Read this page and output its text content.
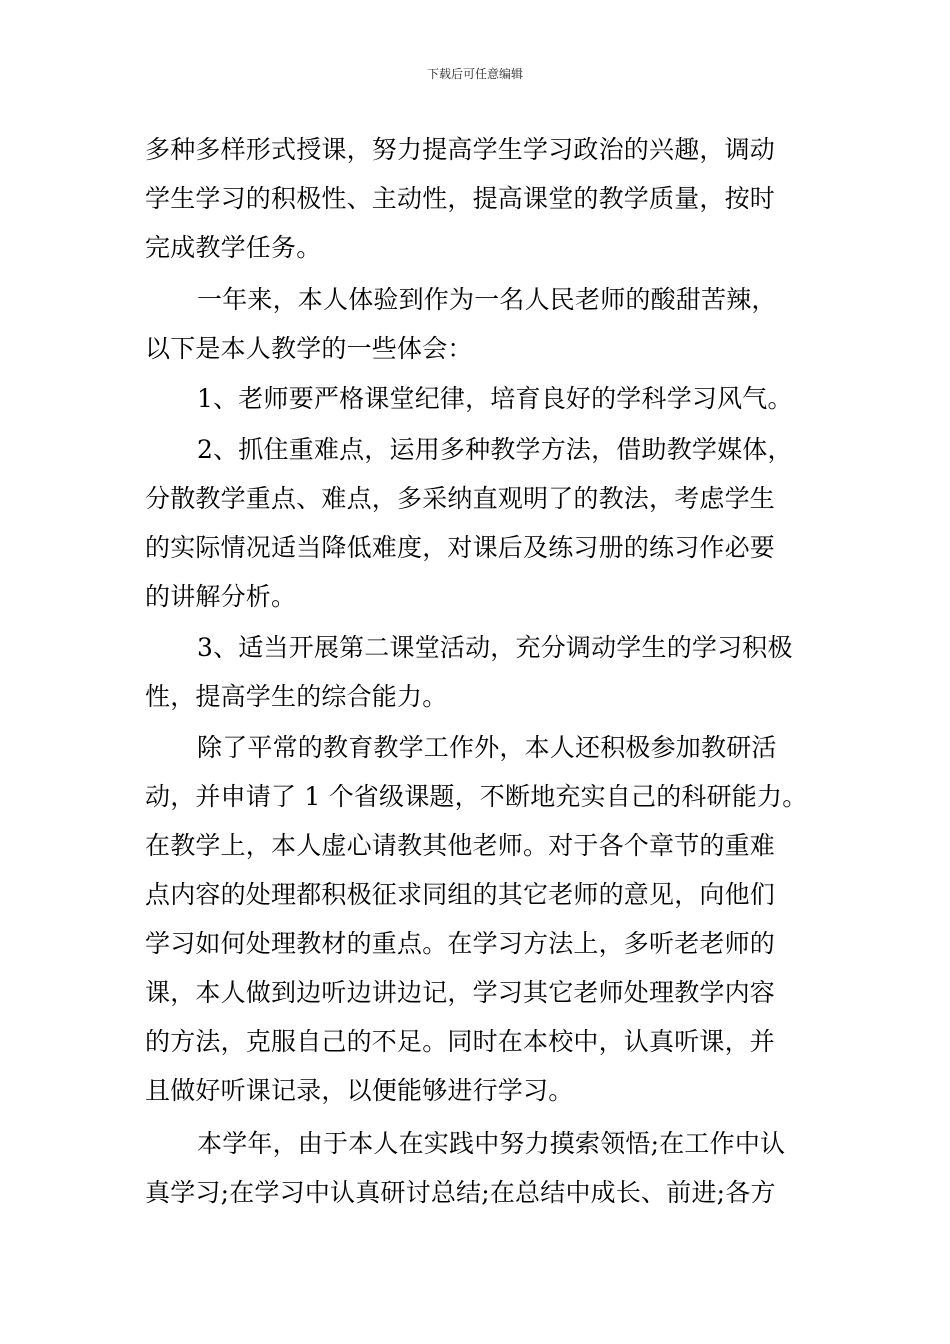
下载后可任意编辑
多种多样形式授课，努力提高学生学习政治的兴趣，调动
学生学习的积极性、主动性，提高课堂的教学质量，按时
完成教学任务。
一年来，本人体验到作为一名人民老师的酸甜苦辣，
以下是本人教学的一些体会：
1、老师要严格课堂纪律，培育良好的学科学习风气。
2、抓住重难点，运用多种教学方法，借助教学媒体，
分散教学重点、难点，多采纳直观明了的教法，考虑学生
的实际情况适当降低难度，对课后及练习册的练习作必要
的讲解分析。
3、适当开展第二课堂活动，充分调动学生的学习积极
性，提高学生的综合能力。
除了平常的教育教学工作外，本人还积极参加教研活
动，并申请了 1 个省级课题，不断地充实自己的科研能力。
在教学上，本人虚心请教其他老师。对于各个章节的重难
点内容的处理都积极征求同组的其它老师的意见，向他们
学习如何处理教材的重点。在学习方法上，多听老老师的
课，本人做到边听边讲边记，学习其它老师处理教学内容
的方法，克服自己的不足。同时在本校中，认真听课，并
且做好听课记录，以便能够进行学习。
本学年，由于本人在实践中努力摸索领悟;在工作中认
真学习;在学习中认真研讨总结;在总结中成长、前进;各方
